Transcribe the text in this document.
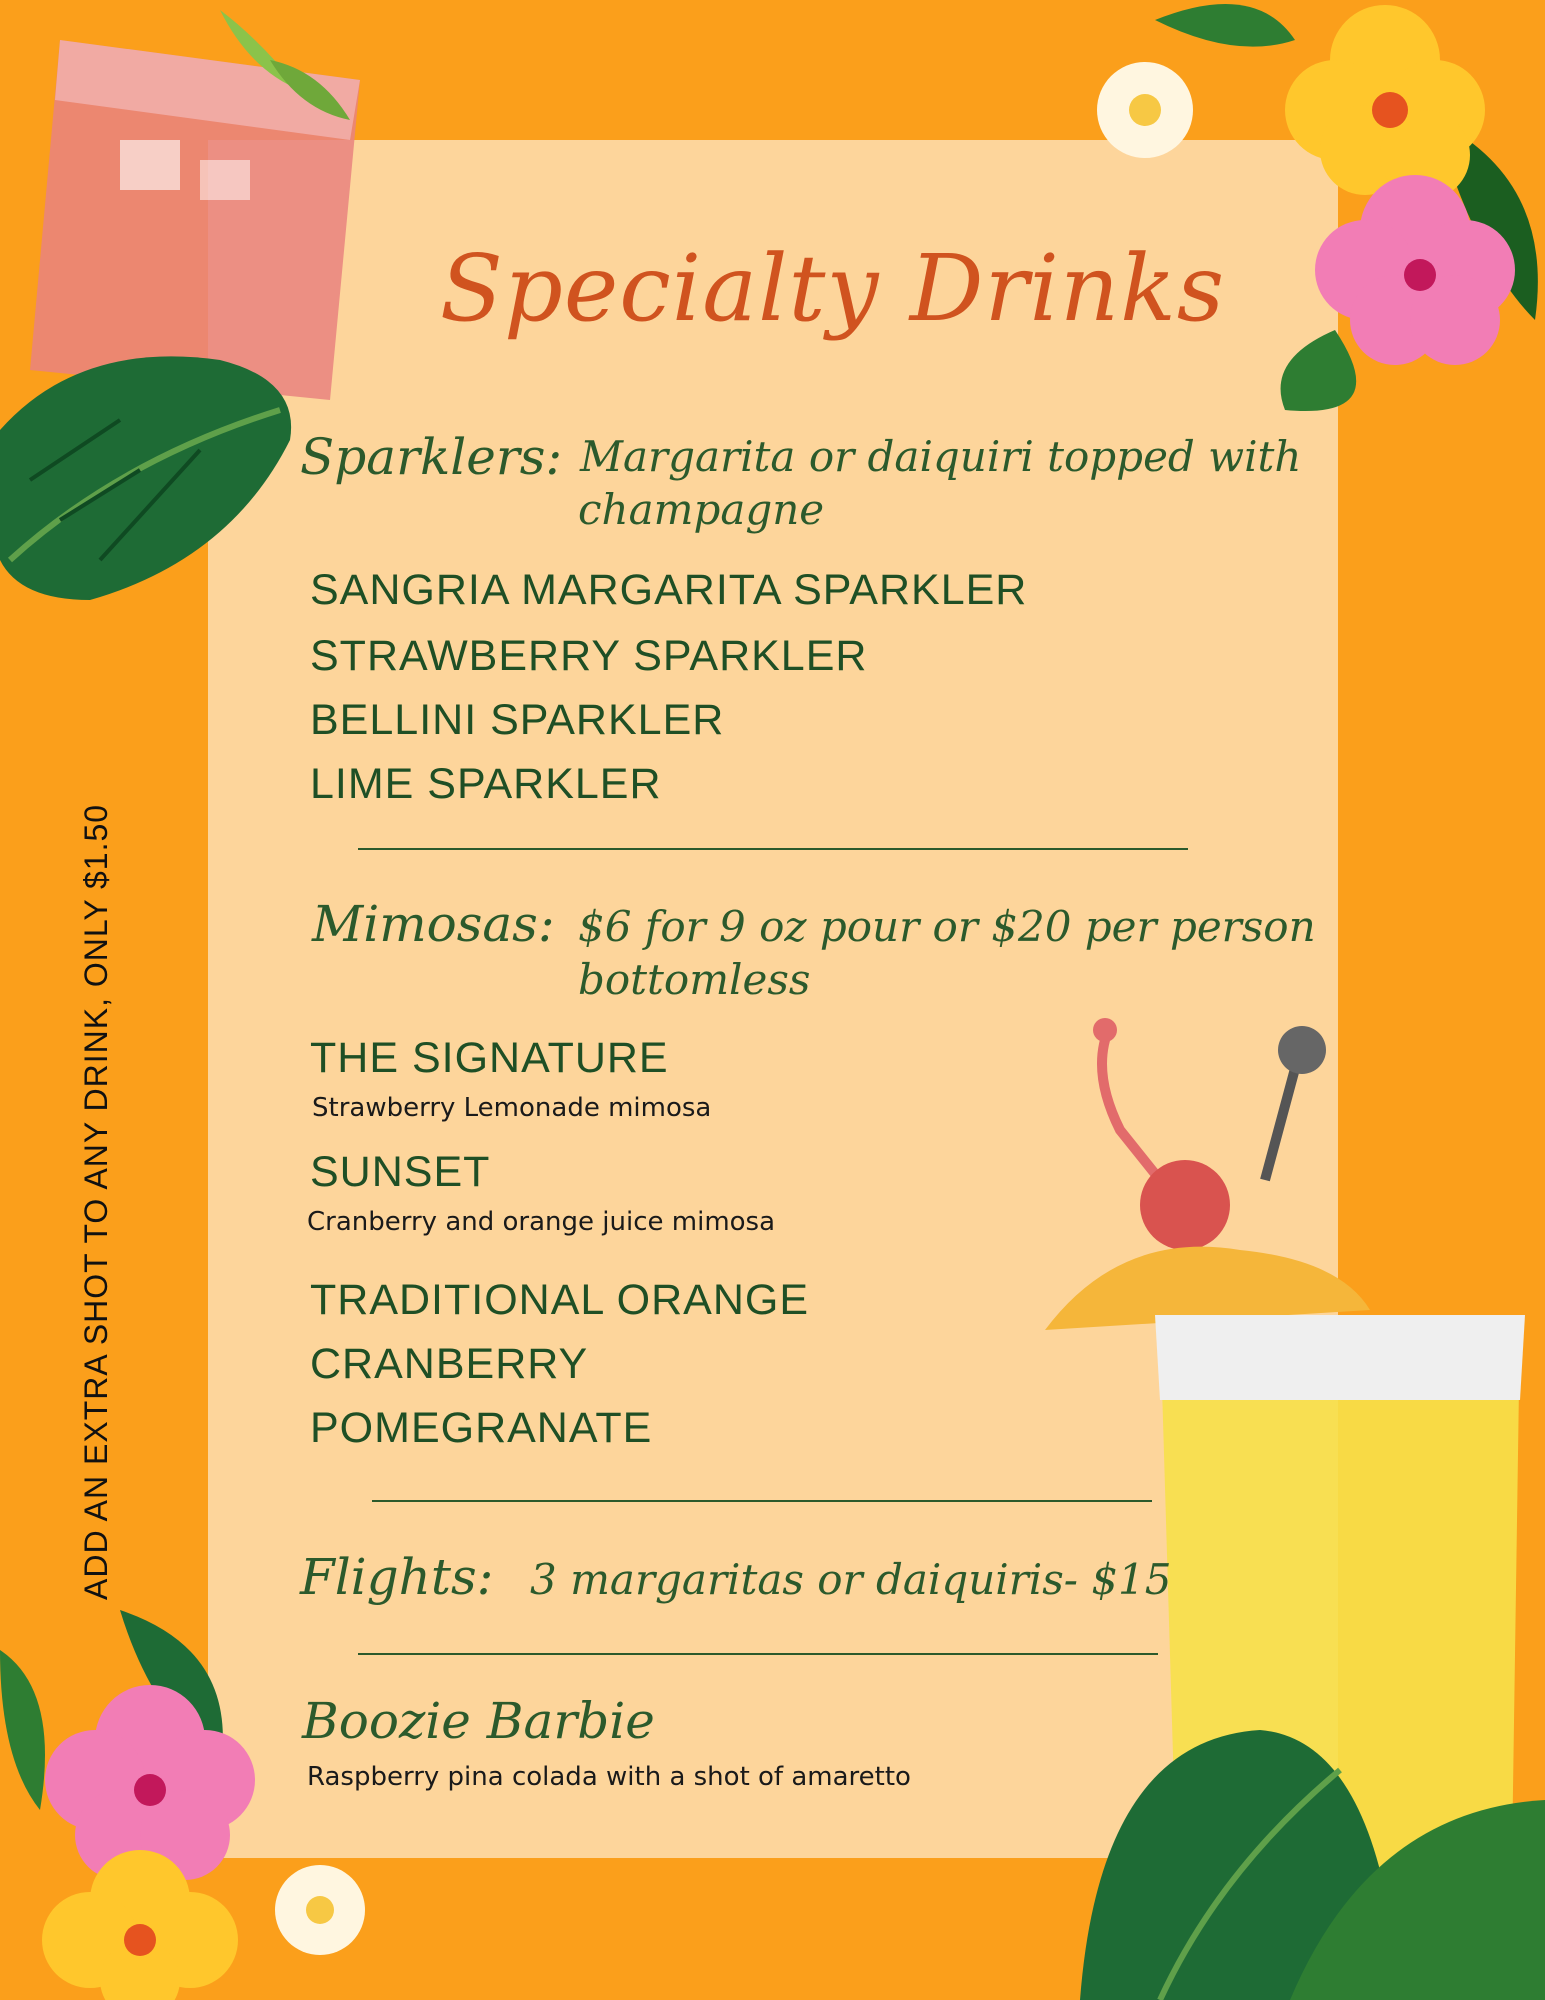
Specialty Drinks
ADD AN EXTRA SHOT TO ANY DRINK, ONLY $1.50
Sparklers: Margarita or daiquiri topped with
champagne
SANGRIA MARGARITA SPARKLER
STRAWBERRY SPARKLER
BELLINI SPARKLER
LIME SPARKLER
Mimosas: $6 for 9 oz pour or $20 per person
bottomless
THE SIGNATURE
Strawberry Lemonade mimosa
SUNSET
Cranberry and orange juice mimosa
TRADITIONAL ORANGE
CRANBERRY
POMEGRANATE
Flights: 3 margaritas or daiquiris- $15
Boozie Barbie
Raspberry pina colada with a shot of amaretto
